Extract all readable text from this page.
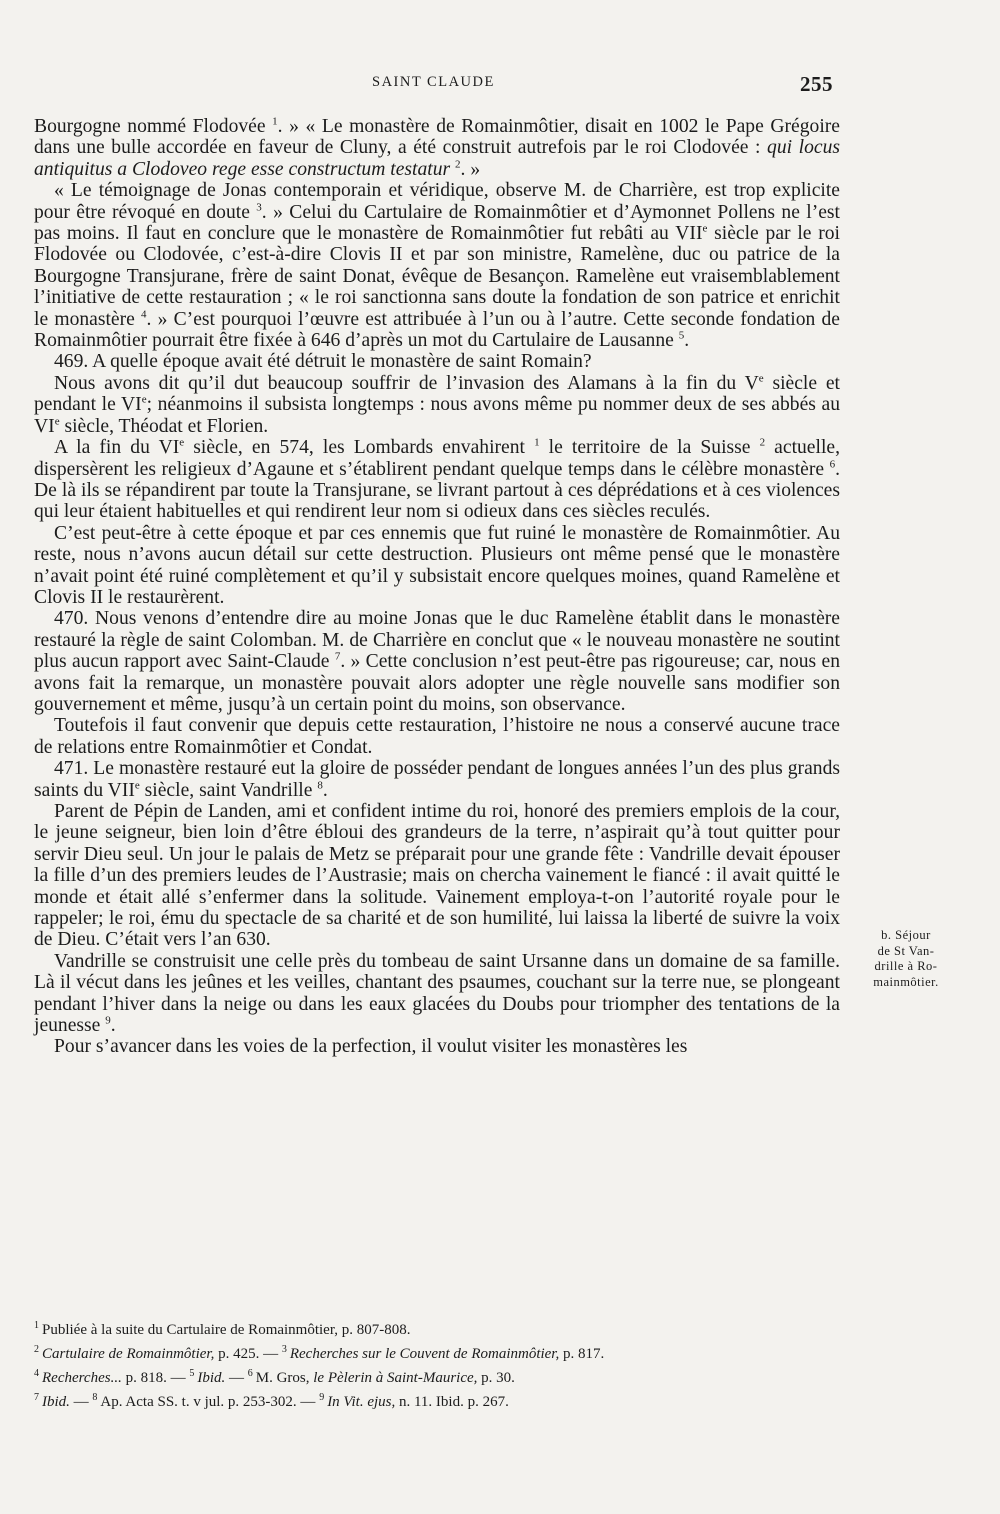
SAINT CLAUDE	255

Bourgogne nommé Flodovée $^1$. » « Le monastère de Romainmôtier, disait en 1002 le Pape Grégoire dans une bulle accordée en faveur de Cluny, a été construit autrefois par le roi Clodovée : qui locus antiquitus a Clodoveo rege esse constructum testatur $^2$. »

« Le témoignage de Jonas contemporain et véridique, observe M. de Charrière, est trop explicite pour être révoqué en doute $^3$. » Celui du Cartulaire de Romainmôtier et d’Aymonnet Pollens ne l’est pas moins. Il faut en conclure que le monastère de Romainmôtier fut rebâti au VIIe siècle par le roi Flodovée ou Clodovée, c’est-à-dire Clovis II et par son ministre, Ramelène, duc ou patrice de la Bourgogne Transjurane, frère de saint Donat, évêque de Besançon. Ramelène eut vraisemblablement l’initiative de cette restauration ; « le roi sanctionna sans doute la fondation de son patrice et enrichit le monastère $^4$. » C’est pourquoi l’œuvre est attribuée à l’un ou à l’autre. Cette seconde fondation de Romainmôtier pourrait être fixée à 646 d’après un mot du Cartulaire de Lausanne $^5$.

469. A quelle époque avait été détruit le monastère de saint Romain?

Nous avons dit qu’il dut beaucoup souffrir de l’invasion des Alamans à la fin du Ve siècle et pendant le VIe; néanmoins il subsista longtemps : nous avons même pu nommer deux de ses abbés au VIe siècle, Théodat et Florien.

A la fin du VIe siècle, en 574, les Lombards envahirent $^1$ le territoire de la Suisse $^2$ actuelle, dispersèrent les religieux d’Agaune et s’établirent pendant quelque temps dans le célèbre monastère $^6$. De là ils se répandirent par toute la Transjurane, se livrant partout à ces déprédations et à ces violences qui leur étaient habituelles et qui rendirent leur nom si odieux dans ces siècles reculés.

C’est peut-être à cette époque et par ces ennemis que fut ruiné le monastère de Romainmôtier. Au reste, nous n’avons aucun détail sur cette destruction. Plusieurs ont même pensé que le monastère n’avait point été ruiné complètement et qu’il y subsistait encore quelques moines, quand Ramelène et Clovis II le restaurèrent.

470. Nous venons d’entendre dire au moine Jonas que le duc Ramelène établit dans le monastère restauré la règle de saint Colomban. M. de Charrière en conclut que « le nouveau monastère ne soutint plus aucun rapport avec Saint-Claude $^7$. » Cette conclusion n’est peut-être pas rigoureuse; car, nous en avons fait la remarque, un monastère pouvait alors adopter une règle nouvelle sans modifier son gouvernement et même, jusqu’à un certain point du moins, son observance.

Toutefois il faut convenir que depuis cette restauration, l’histoire ne nous a conservé aucune trace de relations entre Romainmôtier et Condat.

471. Le monastère restauré eut la gloire de posséder pendant de longues années l’un des plus grands saints du VIIe siècle, saint Vandrille $^8$.

Parent de Pépin de Landen, ami et confident intime du roi, honoré des premiers emplois de la cour, le jeune seigneur, bien loin d’être ébloui des grandeurs de la terre, n’aspirait qu’à tout quitter pour servir Dieu seul. Un jour le palais de Metz se préparait pour une grande fête : Vandrille devait épouser la fille d’un des premiers leudes de l’Austrasie; mais on chercha vainement le fiancé : il avait quitté le monde et était allé s’enfermer dans la solitude. Vainement employa-t-on l’autorité royale pour le rappeler; le roi, ému du spectacle de sa charité et de son humilité, lui laissa la liberté de suivre la voix de Dieu. C’était vers l’an 630.

Vandrille se construisit une celle près du tombeau de saint Ursanne dans un domaine de sa famille. Là il vécut dans les jeûnes et les veilles, chantant des psaumes, couchant sur la terre nue, se plongeant pendant l’hiver dans la neige ou dans les eaux glacées du Doubs pour triompher des tentations de la jeunesse $^9$.

Pour s’avancer dans les voies de la perfection, il voulut visiter les monastères les

b. Séjour
de St Van-
drille à Ro-
mainmôtier.
$^1$ Publiée à la suite du Cartulaire de Romainmôtier, p. 807-808.
$^2$ Cartulaire de Romainmôtier, p. 425. — $^3$ Recherches sur le Couvent de Romainmôtier, p. 817.
$^4$ Recherches... p. 818. — $^5$ Ibid. — $^6$ M. Gros, le Pèlerin à Saint-Maurice, p. 30.
$^7$ Ibid. — $^8$ Ap. Acta SS. t. v jul. p. 253-302. — $^9$ In Vit. ejus, n. 11. Ibid. p. 267.
